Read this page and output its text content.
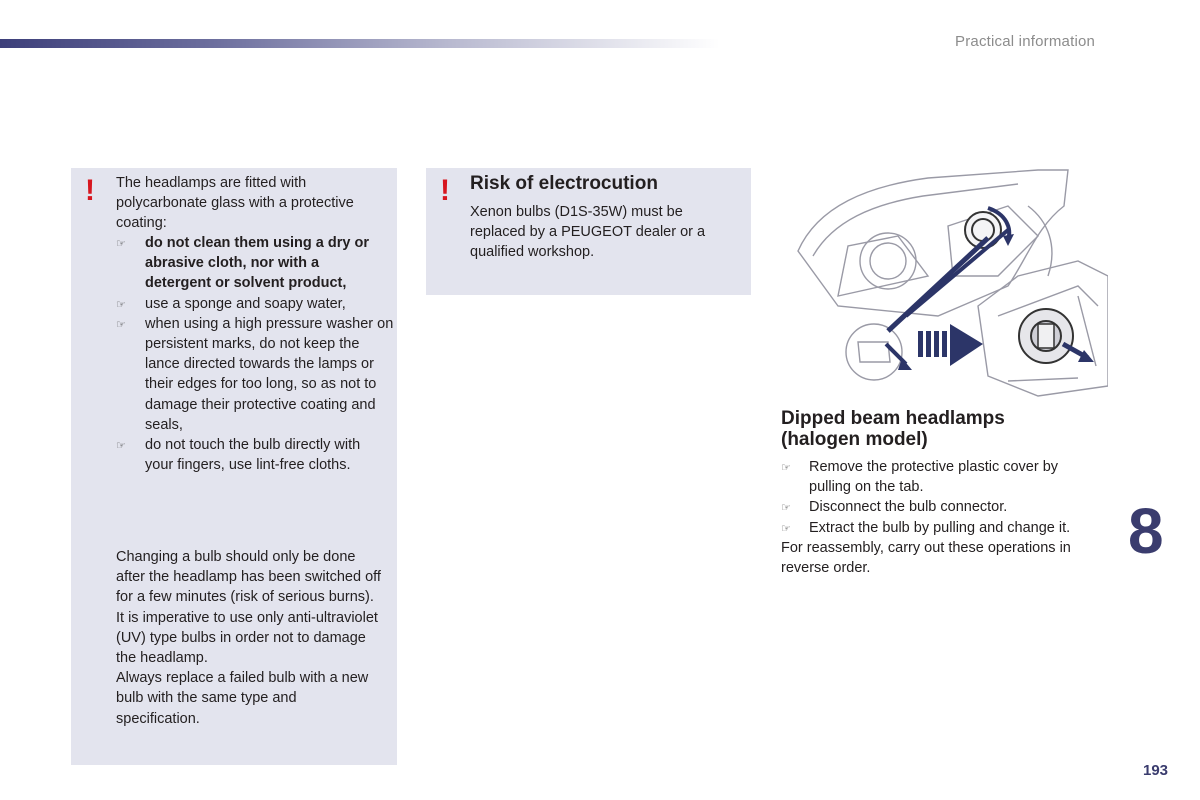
Practical information
! The headlamps are fitted with polycarbonate glass with a protective coating:

☞ do not clean them using a dry or abrasive cloth, nor with a detergent or solvent product,
☞ use a sponge and soapy water,
☞ when using a high pressure washer on persistent marks, do not keep the lance directed towards the lamps or their edges for too long, so as not to damage their protective coating and seals,
☞ do not touch the bulb directly with your fingers, use lint-free cloths.
Changing a bulb should only be done after the headlamp has been switched off for a few minutes (risk of serious burns).
It is imperative to use only anti-ultraviolet (UV) type bulbs in order not to damage the headlamp.
Always replace a failed bulb with a new bulb with the same type and specification.
! Risk of electrocution

Xenon bulbs (D1S-35W) must be replaced by a PEUGEOT dealer or a qualified workshop.

Dipped beam headlamps (halogen model)
☞ Remove the protective plastic cover by pulling on the tab.
☞ Disconnect the bulb connector.
☞ Extract the bulb by pulling and change it.

For reassembly, carry out these operations in reverse order.

8
193
